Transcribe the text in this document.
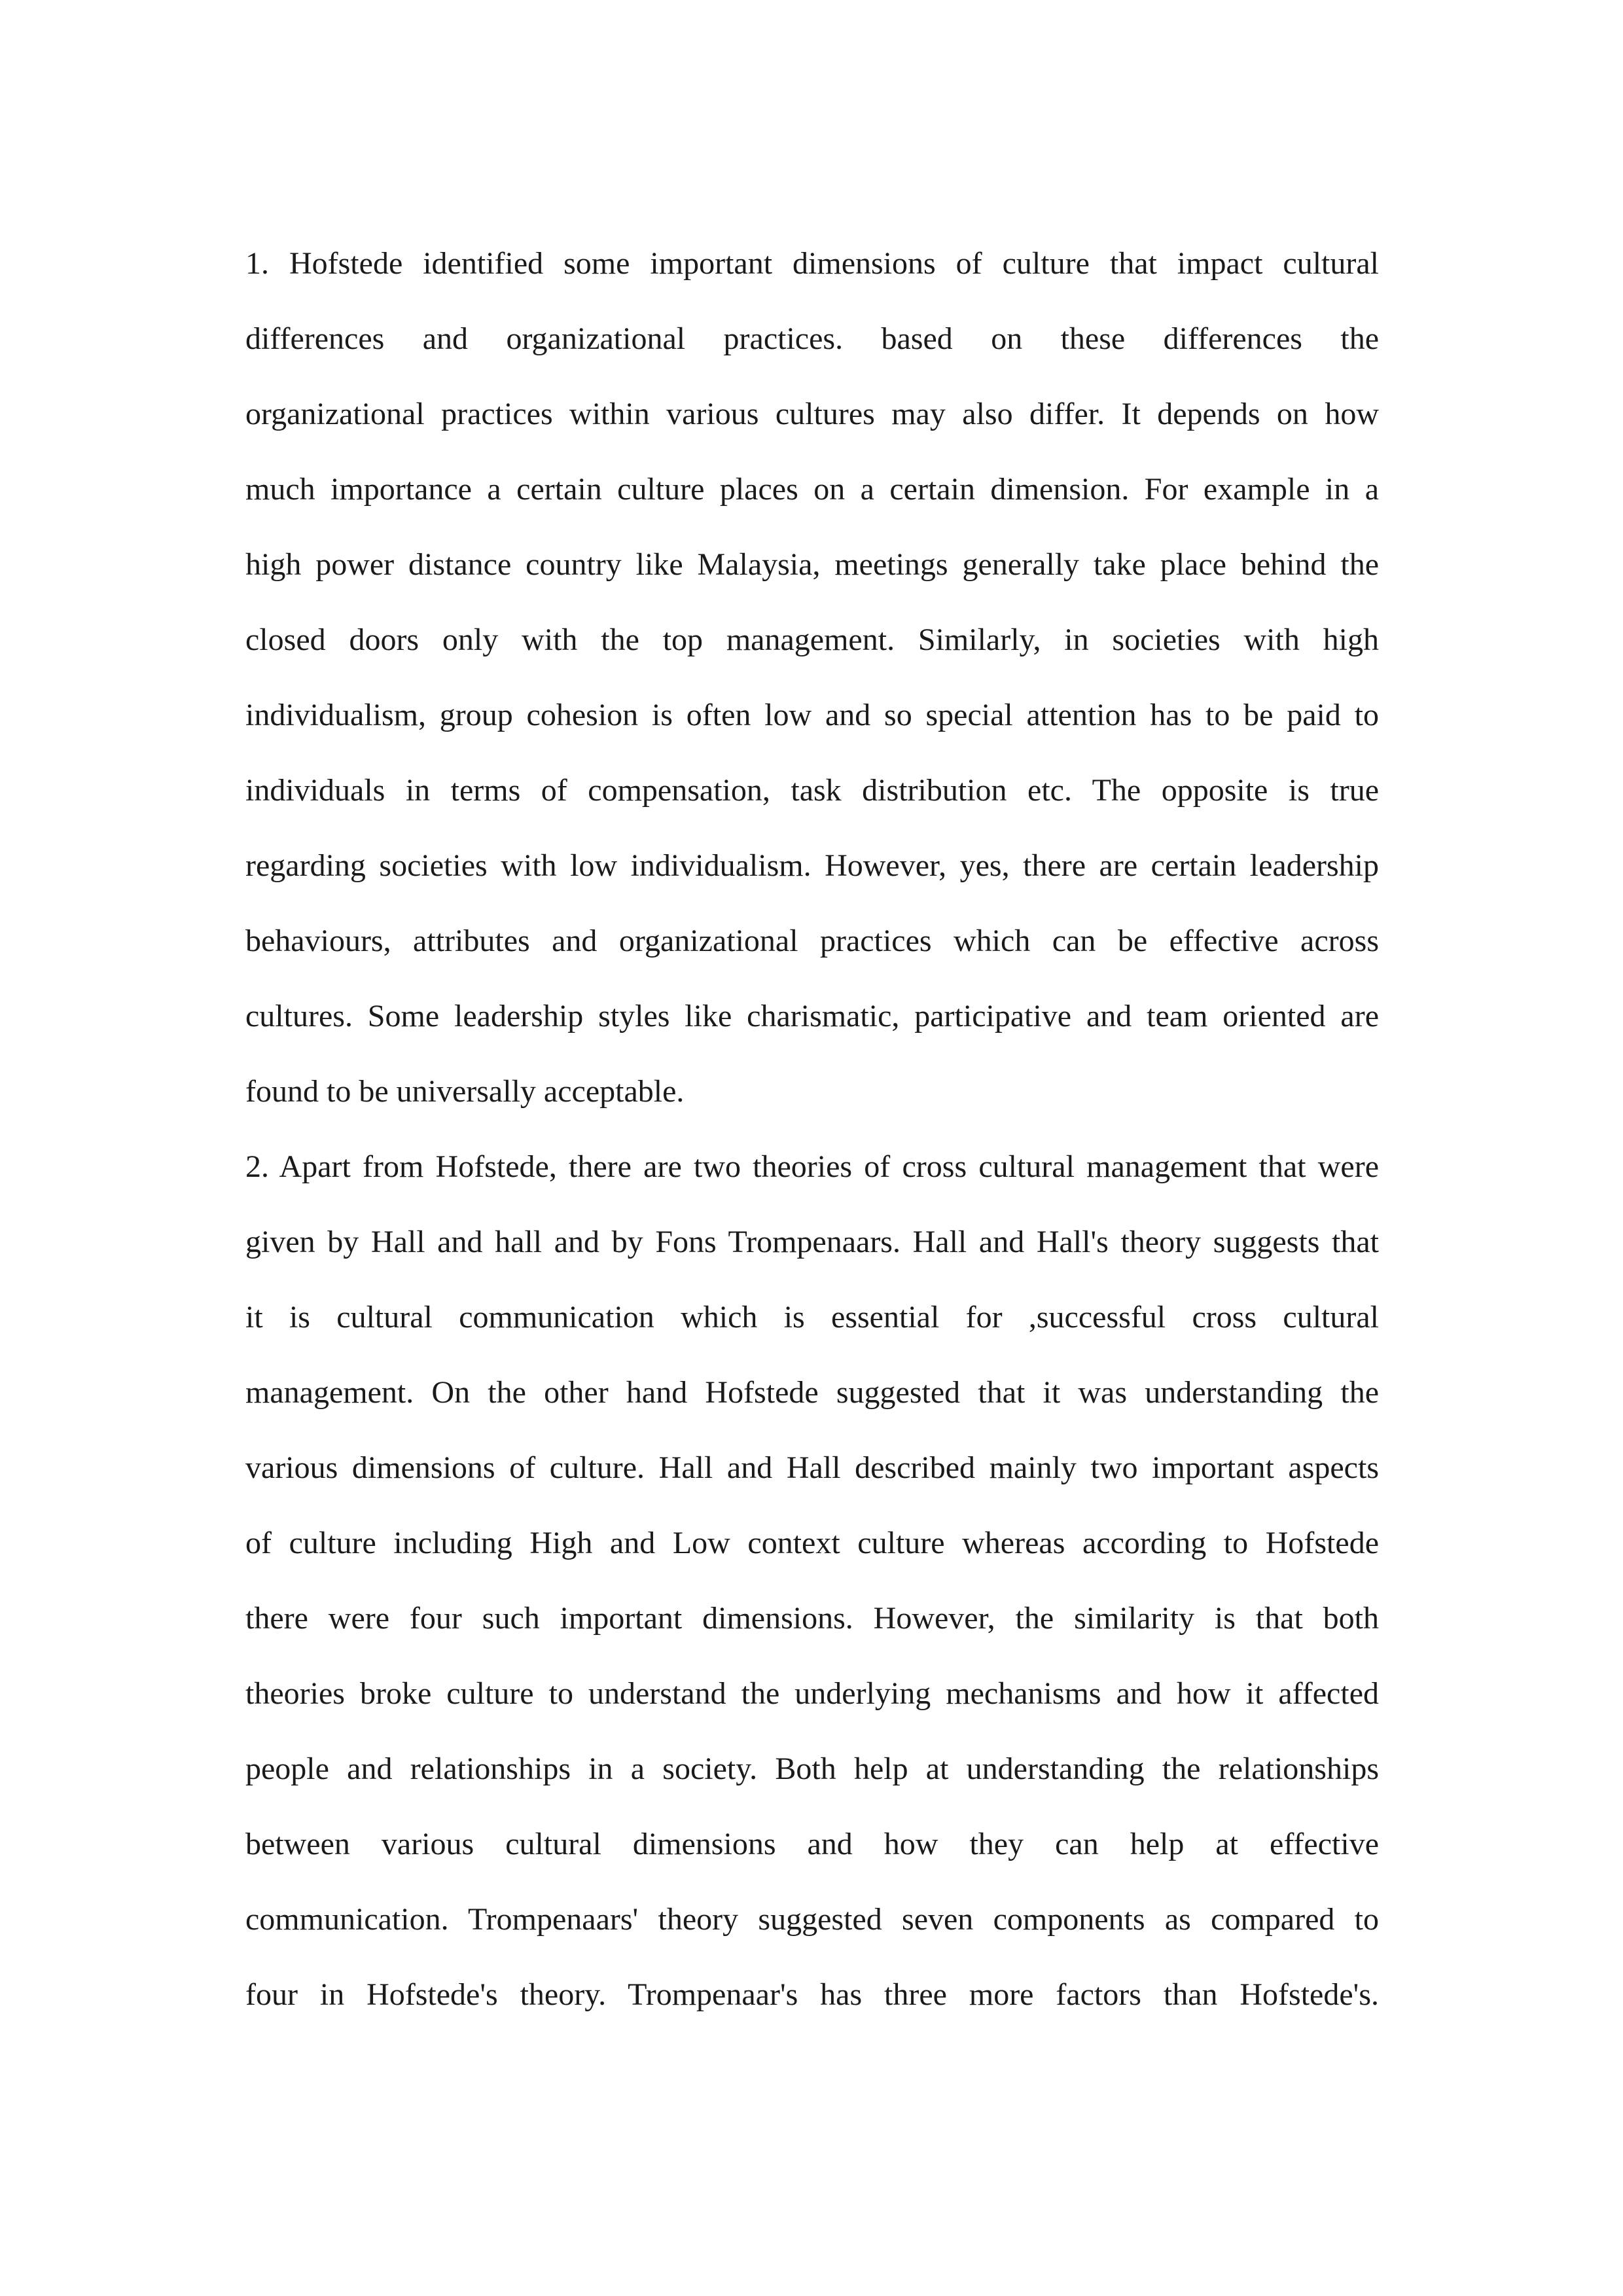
1. Hofstede identified some important dimensions of culture that impact cultural
differences and organizational practices. based on these differences the
organizational practices within various cultures may also differ. It depends on how
much importance a certain culture places on a certain dimension. For example in a
high power distance country like Malaysia, meetings generally take place behind the
closed doors only with the top management. Similarly, in societies with high
individualism, group cohesion is often low and so special attention has to be paid to
individuals in terms of compensation, task distribution etc. The opposite is true
regarding societies with low individualism. However, yes, there are certain leadership
behaviours, attributes and organizational practices which can be effective across
cultures. Some leadership styles like charismatic, participative and team oriented are
found to be universally acceptable.

2. Apart from Hofstede, there are two theories of cross cultural management that were
given by Hall and hall and by Fons Trompenaars. Hall and Hall's theory suggests that
it is cultural communication which is essential for ,successful cross cultural
management. On the other hand Hofstede suggested that it was understanding the
various dimensions of culture. Hall and Hall described mainly two important aspects
of culture including High and Low context culture whereas according to Hofstede
there were four such important dimensions. However, the similarity is that both
theories broke culture to understand the underlying mechanisms and how it affected
people and relationships in a society. Both help at understanding the relationships
between various cultural dimensions and how they can help at effective
communication. Trompenaars' theory suggested seven components as compared to
four in Hofstede's theory. Trompenaar's has three more factors than Hofstede's.
